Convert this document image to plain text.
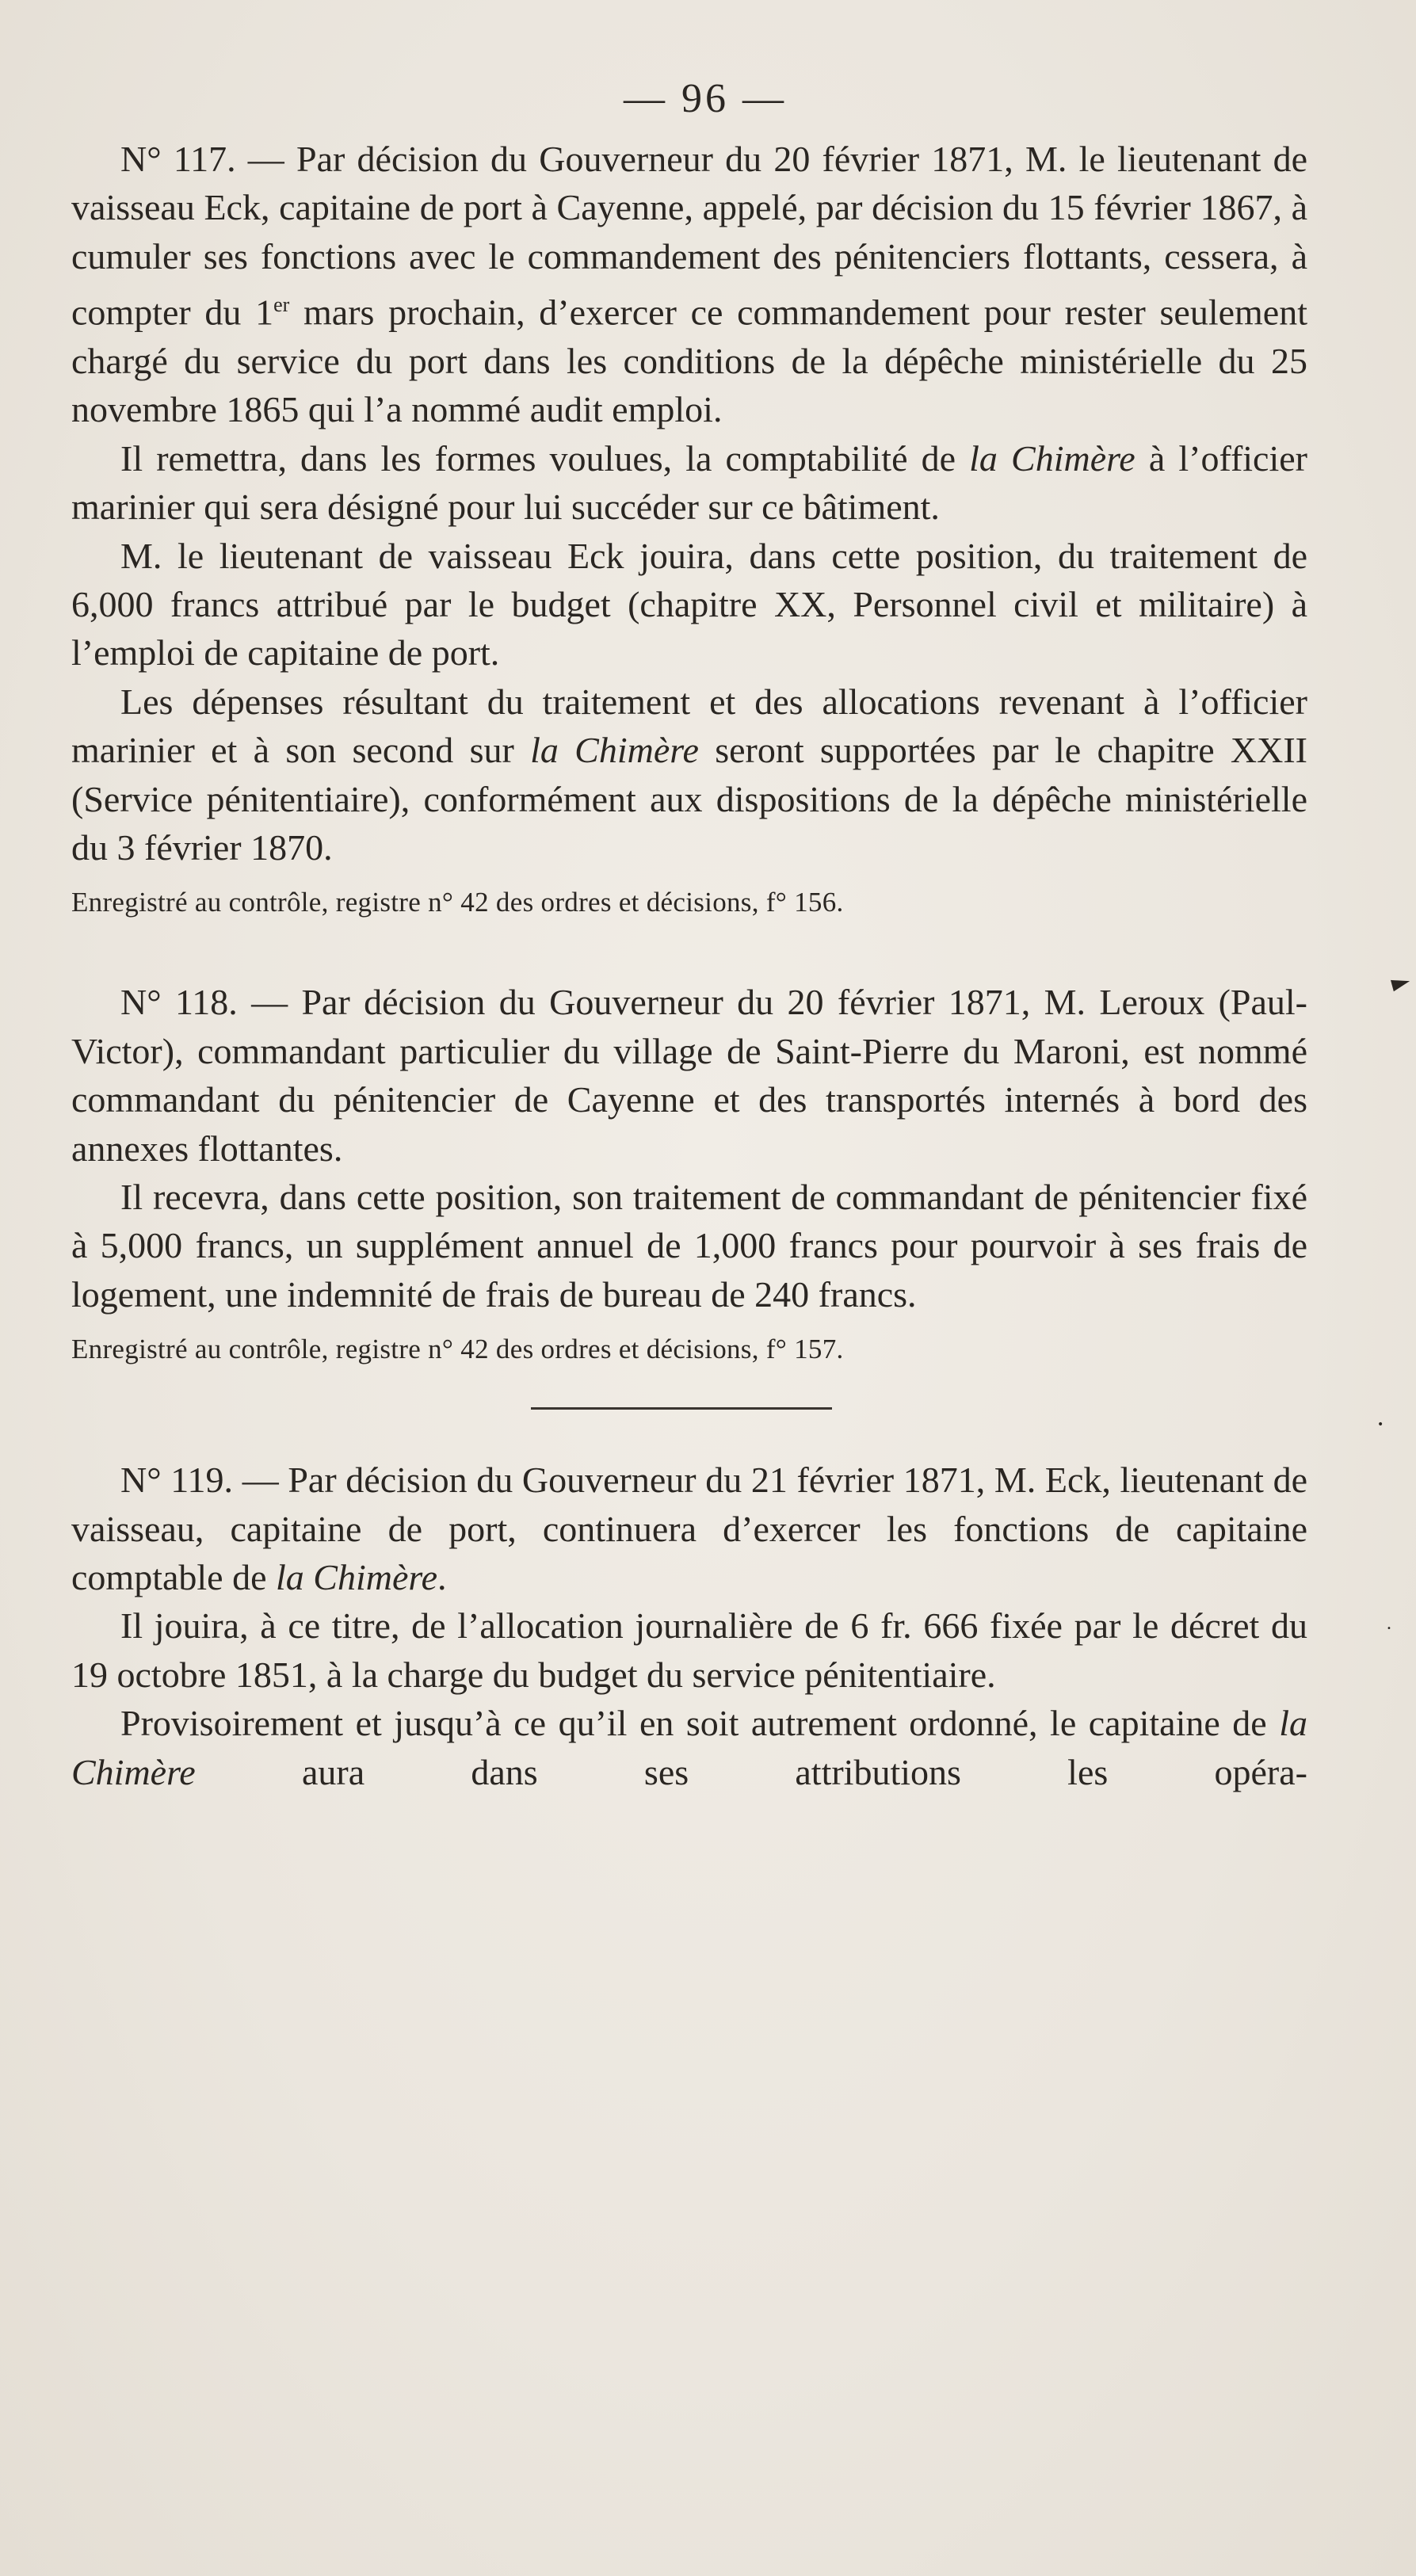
— 96 —

N° 117. — Par décision du Gouverneur du 20 février 1871, M. le lieutenant de vaisseau Eck, capitaine de port à Cayenne, appelé, par décision du 15 février 1867, à cumuler ses fonctions avec le commandement des pénitenciers flottants, cessera, à compter du 1er mars prochain, d’exercer ce commandement pour rester seulement chargé du service du port dans les conditions de la dépêche ministérielle du 25 novembre 1865 qui l’a nommé audit emploi.

Il remettra, dans les formes voulues, la comptabilité de la Chimère à l’officier marinier qui sera désigné pour lui succéder sur ce bâtiment.

M. le lieutenant de vaisseau Eck jouira, dans cette position, du traitement de 6,000 francs attribué par le budget (chapitre XX, Personnel civil et militaire) à l’emploi de capitaine de port.

Les dépenses résultant du traitement et des allocations revenant à l’officier marinier et à son second sur la Chimère seront supportées par le chapitre XXII (Service pénitentiaire), conformément aux dispositions de la dépêche ministérielle du 3 février 1870.

Enregistré au contrôle, registre n° 42 des ordres et décisions, f° 156.

N° 118. — Par décision du Gouverneur du 20 février 1871, M. Leroux (Paul-Victor), commandant particulier du village de Saint-Pierre du Maroni, est nommé commandant du pénitencier de Cayenne et des transportés internés à bord des annexes flottantes.

Il recevra, dans cette position, son traitement de commandant de pénitencier fixé à 5,000 francs, un supplément annuel de 1,000 francs pour pourvoir à ses frais de logement, une indemnité de frais de bureau de 240 francs.

Enregistré au contrôle, registre n° 42 des ordres et décisions, f° 157.

N° 119. — Par décision du Gouverneur du 21 février 1871, M. Eck, lieutenant de vaisseau, capitaine de port, continuera d’exercer les fonctions de capitaine comptable de la Chimère.

Il jouira, à ce titre, de l’allocation journalière de 6 fr. 666 fixée par le décret du 19 octobre 1851, à la charge du budget du service pénitentiaire.

Provisoirement et jusqu’à ce qu’il en soit autrement ordonné, le capitaine de la Chimère aura dans ses attributions les opéra-

►
•
•
